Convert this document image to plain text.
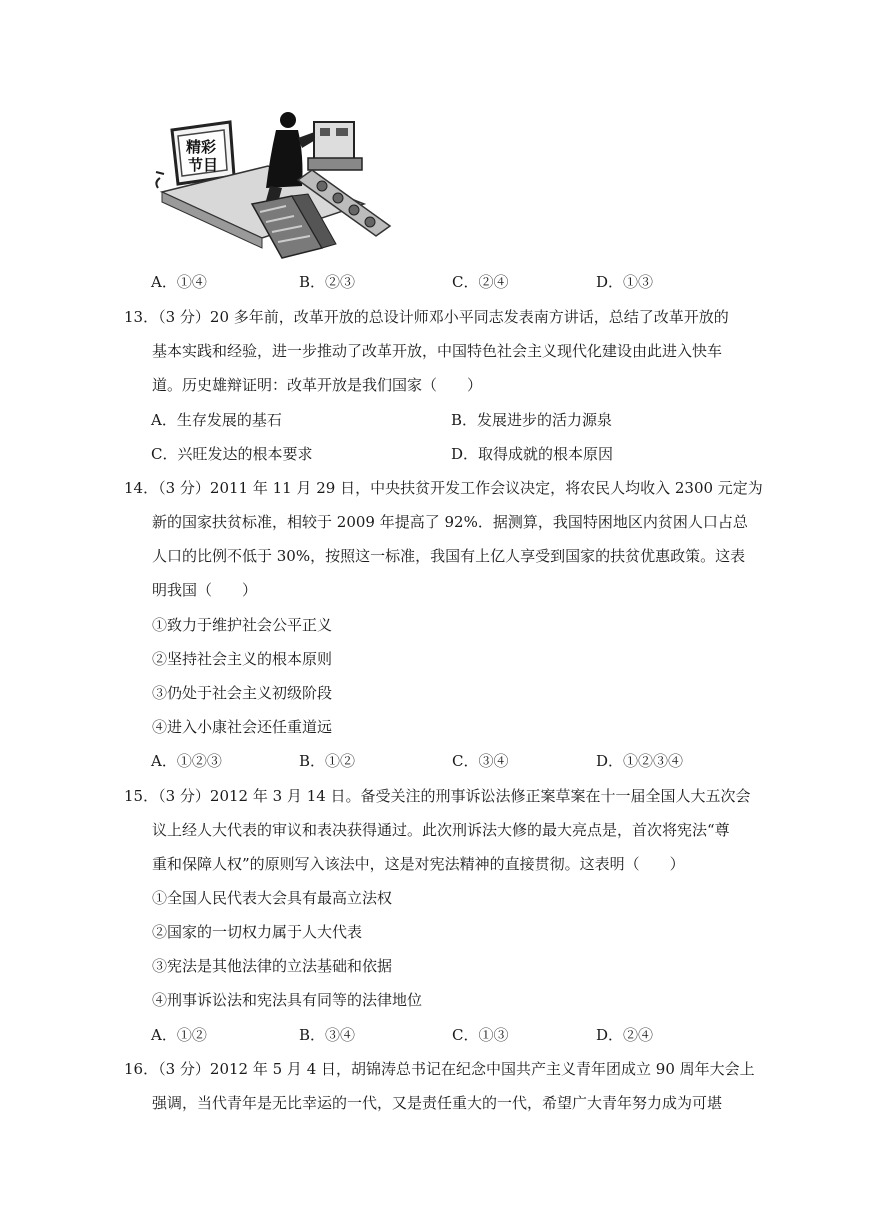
精彩
节目
A．①④	B．②③	C．②④	D．①③
13．（3 分）20 多年前，改革开放的总设计师邓小平同志发表南方讲话，总结了改革开放的
基本实践和经验，进一步推动了改革开放，中国特色社会主义现代化建设由此进入快车
道。历史雄辩证明：改革开放是我们国家（　　）
A．生存发展的基石	B．发展进步的活力源泉
C．兴旺发达的根本要求	D．取得成就的根本原因
14．（3 分）2011 年 11 月 29 日，中央扶贫开发工作会议决定，将农民人均收入 2300 元定为
新的国家扶贫标准，相较于 2009 年提高了 92%．据测算，我国特困地区内贫困人口占总
人口的比例不低于 30%，按照这一标准，我国有上亿人享受到国家的扶贫优惠政策。这表
明我国（　　）
①致力于维护社会公平正义
②坚持社会主义的根本原则
③仍处于社会主义初级阶段
④进入小康社会还任重道远
A．①②③	B．①②	C．③④	D．①②③④
15．（3 分）2012 年 3 月 14 日。备受关注的刑事诉讼法修正案草案在十一届全国人大五次会
议上经人大代表的审议和表决获得通过。此次刑诉法大修的最大亮点是，首次将宪法“尊
重和保障人权”的原则写入该法中，这是对宪法精神的直接贯彻。这表明（　　）
①全国人民代表大会具有最高立法权
②国家的一切权力属于人大代表
③宪法是其他法律的立法基础和依据
④刑事诉讼法和宪法具有同等的法律地位
A．①②	B．③④	C．①③	D．②④
16．（3 分）2012 年 5 月 4 日，胡锦涛总书记在纪念中国共产主义青年团成立 90 周年大会上
强调，当代青年是无比幸运的一代，又是责任重大的一代，希望广大青年努力成为可堪
